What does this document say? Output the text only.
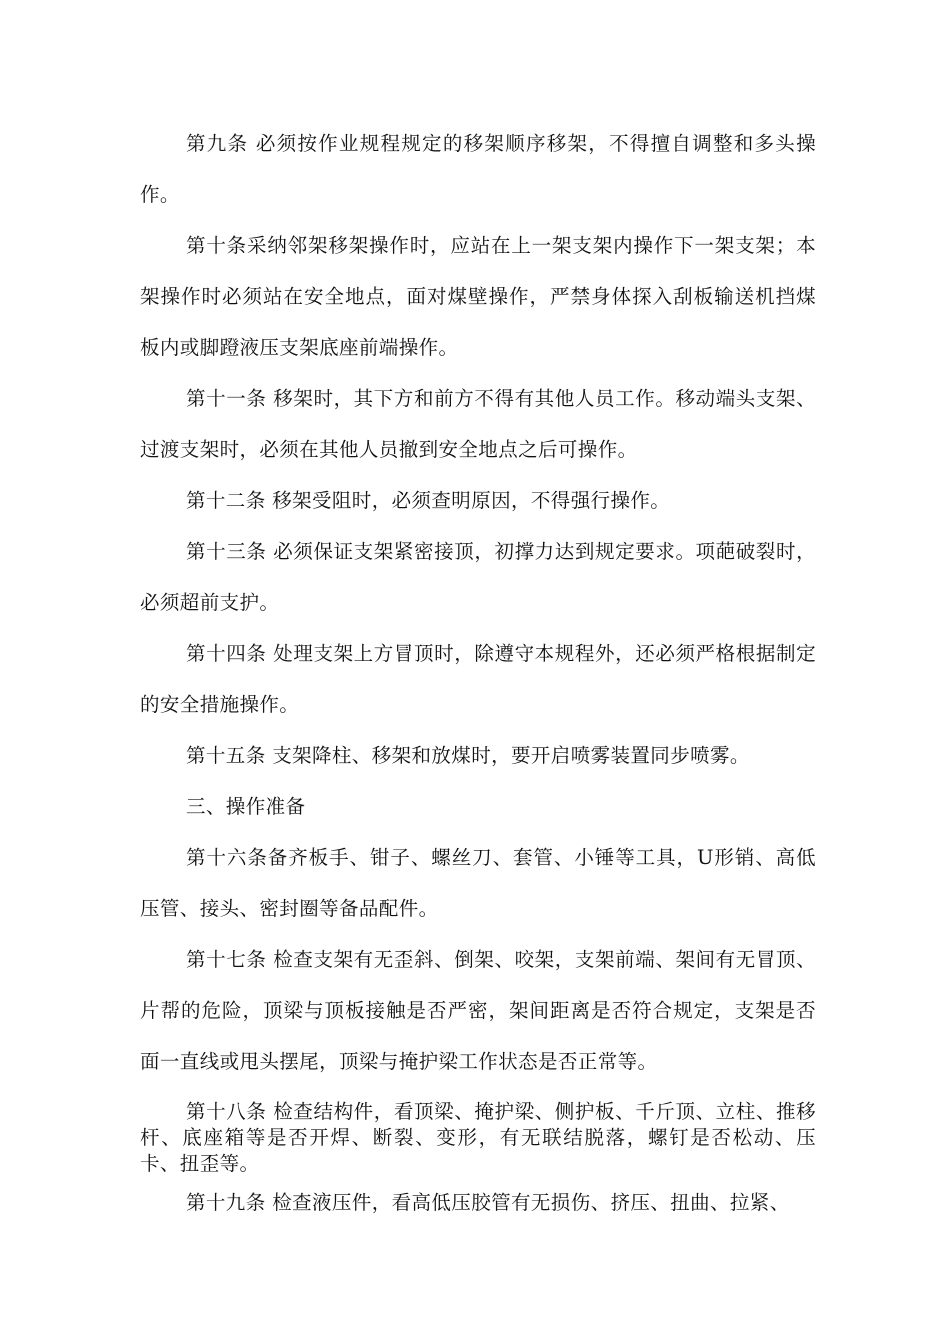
第九条 必须按作业规程规定的移架顺序移架，不得擅自调整和多头操作。

第十条采纳邻架移架操作时，应站在上一架支架内操作下一架支架；本架操作时必须站在安全地点，面对煤壁操作，严禁身体探入刮板输送机挡煤板内或脚蹬液压支架底座前端操作。

第十一条 移架时，其下方和前方不得有其他人员工作。移动端头支架、过渡支架时，必须在其他人员撤到安全地点之后可操作。

第十二条 移架受阻时，必须查明原因，不得强行操作。

第十三条 必须保证支架紧密接顶，初撑力达到规定要求。项葩破裂时，必须超前支护。

第十四条 处理支架上方冒顶时，除遵守本规程外，还必须严格根据制定的安全措施操作。

第十五条 支架降柱、移架和放煤时，要开启喷雾装置同步喷雾。

三、操作准备

第十六条备齐板手、钳子、螺丝刀、套管、小锤等工具，U形销、高低压管、接头、密封圈等备品配件。

第十七条 检查支架有无歪斜、倒架、咬架，支架前端、架间有无冒顶、片帮的危险，顶梁与顶板接触是否严密，架间距离是否符合规定，支架是否面一直线或甩头摆尾，顶梁与掩护梁工作状态是否正常等。

第十八条 检查结构件，看顶梁、掩护梁、侧护板、千斤顶、立柱、推移杆、底座箱等是否开焊、断裂、变形，有无联结脱落，螺钉是否松动、压卡、扭歪等。

第十九条 检查液压件，看高低压胶管有无损伤、挤压、扭曲、拉紧、
